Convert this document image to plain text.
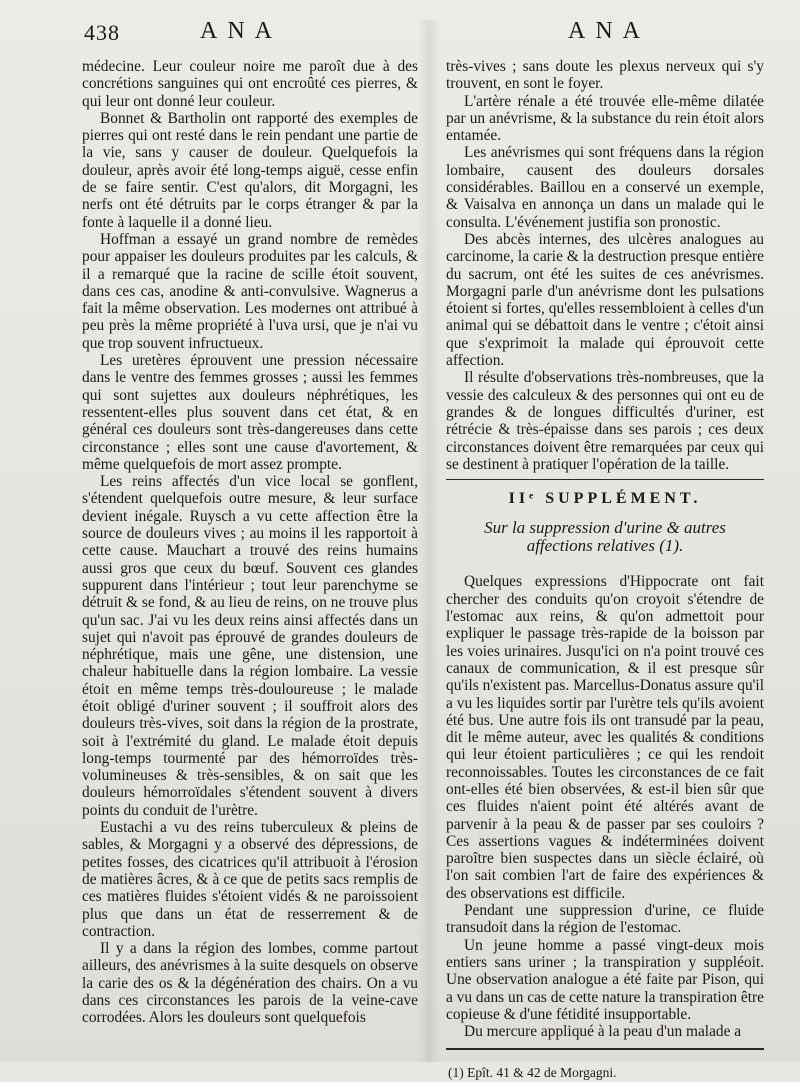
438	ANA	ANA

médecine. Leur couleur noire me paroît due à des concrétions sanguines qui ont encroûté ces pierres, & qui leur ont donné leur couleur.

Bonnet & Bartholin ont rapporté des exemples de pierres qui ont resté dans le rein pendant une partie de la vie, sans y causer de douleur. Quelquefois la douleur, après avoir été long-temps aiguë, cesse enfin de se faire sentir. C'est qu'alors, dit Morgagni, les nerfs ont été détruits par le corps étranger & par la fonte à laquelle il a donné lieu.

Hoffman a essayé un grand nombre de remèdes pour appaiser les douleurs produites par les calculs, & il a remarqué que la racine de scille étoit souvent, dans ces cas, anodine & anti-convulsive. Wagnerus a fait la même observation. Les modernes ont attribué à peu près la même propriété à l'uva ursi, que je n'ai vu que trop souvent infructueux.

Les uretères éprouvent une pression nécessaire dans le ventre des femmes grosses ; aussi les femmes qui sont sujettes aux douleurs néphrétiques, les ressentent-elles plus souvent dans cet état, & en général ces douleurs sont très-dangereuses dans cette circonstance ; elles sont une cause d'avortement, & même quelquefois de mort assez prompte.

Les reins affectés d'un vice local se gonflent, s'étendent quelquefois outre mesure, & leur surface devient inégale. Ruysch a vu cette affection être la source de douleurs vives ; au moins il les rapportoit à cette cause. Mauchart a trouvé des reins humains aussi gros que ceux du bœuf. Souvent ces glandes suppurent dans l'intérieur ; tout leur parenchyme se détruit & se fond, & au lieu de reins, on ne trouve plus qu'un sac. J'ai vu les deux reins ainsi affectés dans un sujet qui n'avoit pas éprouvé de grandes douleurs de néphrétique, mais une gêne, une distension, une chaleur habituelle dans la région lombaire. La vessie étoit en même temps très-douloureuse ; le malade étoit obligé d'uriner souvent ; il souffroit alors des douleurs très-vives, soit dans la région de la prostrate, soit à l'extrémité du gland. Le malade étoit depuis long-temps tourmenté par des hémorroïdes très-volumineuses & très-sensibles, & on sait que les douleurs hémorroïdales s'étendent souvent à divers points du conduit de l'urètre.

Eustachi a vu des reins tuberculeux & pleins de sables, & Morgagni y a observé des dépressions, de petites fosses, des cicatrices qu'il attribuoit à l'érosion de matières âcres, & à ce que de petits sacs remplis de ces matières fluides s'étoient vidés & ne paroissoient plus que dans un état de resserrement & de contraction.

Il y a dans la région des lombes, comme partout ailleurs, des anévrismes à la suite desquels on observe la carie des os & la dégénération des chairs. On a vu dans ces circonstances les parois de la veine-cave corrodées. Alors les douleurs sont quelquefois

très-vives ; sans doute les plexus nerveux qui s'y trouvent, en sont le foyer.

L'artère rénale a été trouvée elle-même dilatée par un anévrisme, & la substance du rein étoit alors entamée.

Les anévrismes qui sont fréquens dans la région lombaire, causent des douleurs dorsales considérables. Baillou en a conservé un exemple, & Vaisalva en annonça un dans un malade qui le consulta. L'événement justifia son pronostic.

Des abcès internes, des ulcères analogues au carcinome, la carie & la destruction presque entière du sacrum, ont été les suites de ces anévrismes. Morgagni parle d'un anévrisme dont les pulsations étoient si fortes, qu'elles ressembloient à celles d'un animal qui se débattoit dans le ventre ; c'étoit ainsi que s'exprimoit la malade qui éprouvoit cette affection.

Il résulte d'observations très-nombreuses, que la vessie des calculeux & des personnes qui ont eu de grandes & de longues difficultés d'uriner, est rétrécie & très-épaisse dans ses parois ; ces deux circonstances doivent être remarquées par ceux qui se destinent à pratiquer l'opération de la taille.

IIᵉ SUPPLÉMENT.
Sur la suppression d'urine & autres affections relatives (1).

Quelques expressions d'Hippocrate ont fait chercher des conduits qu'on croyoit s'étendre de l'estomac aux reins, & qu'on admettoit pour expliquer le passage très-rapide de la boisson par les voies urinaires. Jusqu'ici on n'a point trouvé ces canaux de communication, & il est presque sûr qu'ils n'existent pas. Marcellus-Donatus assure qu'il a vu les liquides sortir par l'urètre tels qu'ils avoient été bus. Une autre fois ils ont transudé par la peau, dit le même auteur, avec les qualités & conditions qui leur étoient particulières ; ce qui les rendoit reconnoissables. Toutes les circonstances de ce fait ont-elles été bien observées, & est-il bien sûr que ces fluides n'aient point été altérés avant de parvenir à la peau & de passer par ses couloirs ? Ces assertions vagues & indéterminées doivent paroître bien suspectes dans un siècle éclairé, où l'on sait combien l'art de faire des expériences & des observations est difficile.

Pendant une suppression d'urine, ce fluide transudoit dans la région de l'estomac.

Un jeune homme a passé vingt-deux mois entiers sans uriner ; la transpiration y suppléoit. Une observation analogue a été faite par Pison, qui a vu dans un cas de cette nature la transpiration être copieuse & d'une fétidité insupportable.

Du mercure appliqué à la peau d'un malade a

(1) Epît. 41 & 42 de Morgagni.
